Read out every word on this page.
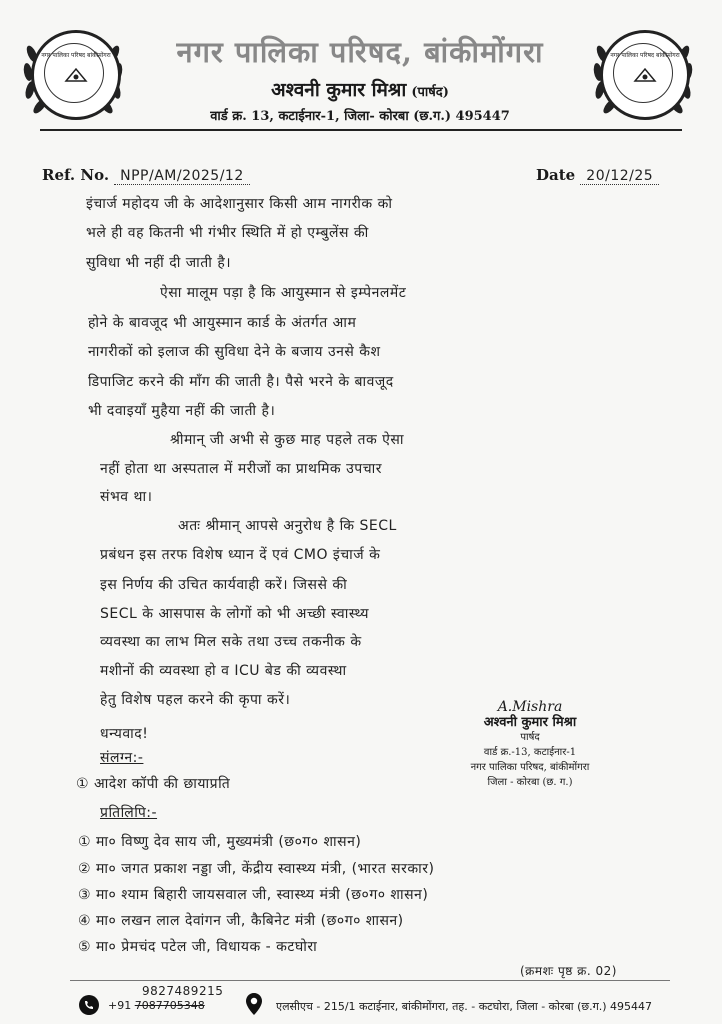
नगर पालिका परिषद बांकीमोंगरा	नगर पालिका परिषद बांकीमोंगरा
नगर पालिका परिषद, बांकीमोंगरा
अश्वनी कुमार मिश्रा (पार्षद)
वार्ड क्र. 13, कटाईनार-1, जिला- कोरबा (छ.ग.) 495447
Ref. No. NPP/AM/2025/12	Date 20/12/25
इंचार्ज महोदय जी के आदेशानुसार किसी आम नागरीक को
भले ही वह कितनी भी गंभीर स्थिति में हो एम्बुलेंस की
सुविधा भी नहीं दी जाती है।
ऐसा मालूम पड़ा है कि आयुस्मान से इम्पेनलमेंट
होने के बावजूद भी आयुस्मान कार्ड के अंतर्गत आम
नागरीकों को इलाज की सुविधा देने के बजाय उनसे कैश
डिपाजिट करने की माँग की जाती है। पैसे भरने के बावजूद
भी दवाइयाँ मुहैया नहीं की जाती है।
श्रीमान् जी अभी से कुछ माह पहले तक ऐसा
नहीं होता था अस्पताल में मरीजों का प्राथमिक उपचार
संभव था।
अतः श्रीमान् आपसे अनुरोध है कि SECL
प्रबंधन इस तरफ विशेष ध्यान दें एवं CMO इंचार्ज के
इस निर्णय की उचित कार्यवाही करें। जिससे की
SECL के आसपास के लोगों को भी अच्छी स्वास्थ्य
व्यवस्था का लाभ मिल सके तथा उच्च तकनीक के
मशीनों की व्यवस्था हो व ICU बेड की व्यवस्था
हेतु विशेष पहल करने की कृपा करें।
धन्यवाद!
संलग्न:-
① आदेश कॉपी की छायाप्रति
A.Mishra
अश्वनी कुमार मिश्रा
पार्षद
वार्ड क्र.-13, कटाईनार-1
नगर पालिका परिषद, बांकीमोंगरा
जिला - कोरबा (छ. ग.)
प्रतिलिपि:-
① मा० विष्णु देव साय जी, मुख्यमंत्री (छ०ग० शासन)
② मा० जगत प्रकाश नड्डा जी, केंद्रीय स्वास्थ्य मंत्री, (भारत सरकार)
③ मा० श्याम बिहारी जायसवाल जी, स्वास्थ्य मंत्री (छ०ग० शासन)
④ मा० लखन लाल देवांगन जी, कैबिनेट मंत्री (छ०ग० शासन)
⑤ मा० प्रेमचंद पटेल जी, विधायक - कटघोरा
(क्रमशः पृष्ठ क्र. 02)
9827489215
+91 7087705348	एलसीएच - 215/1 कटाईनार, बांकीमोंगरा, तह. - कटघोरा, जिला - कोरबा (छ.ग.) 495447
